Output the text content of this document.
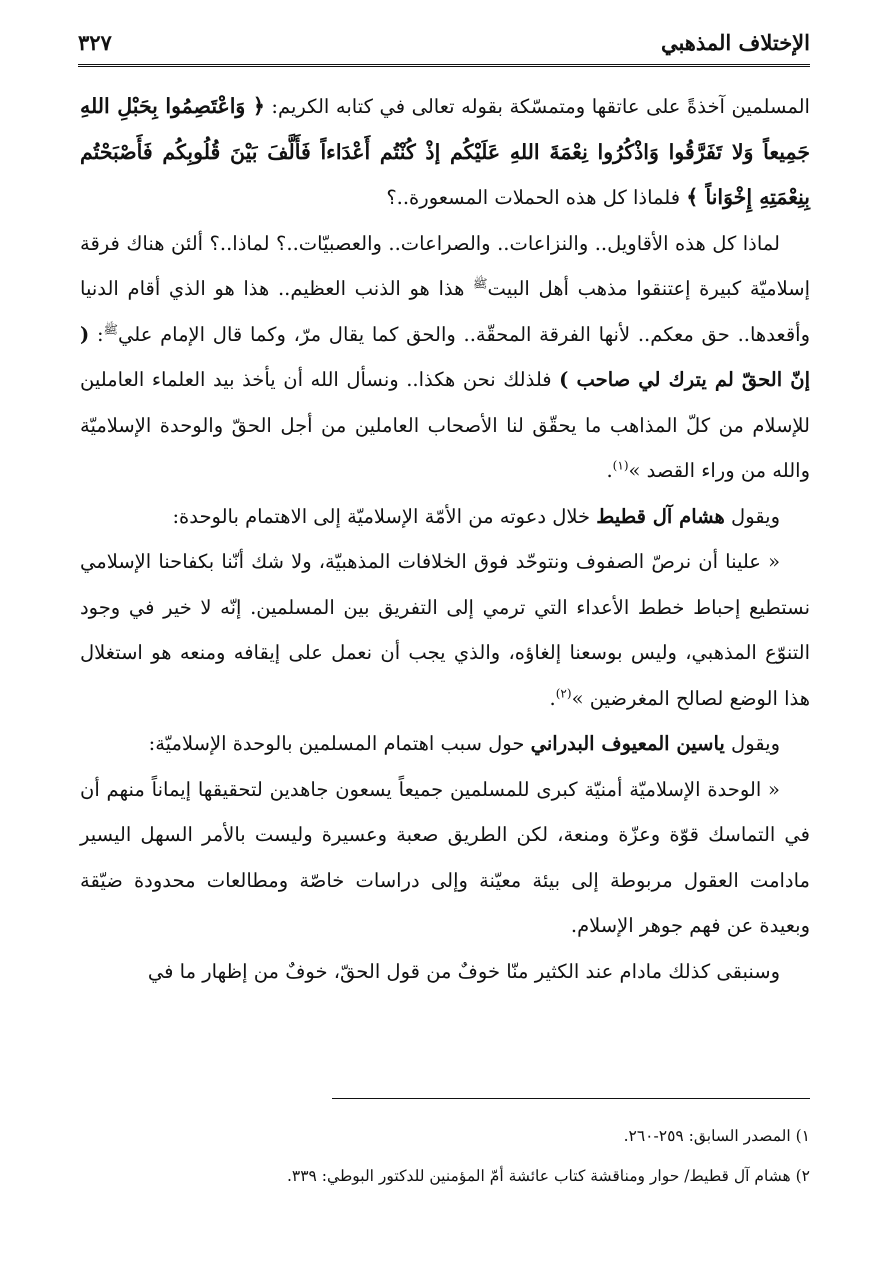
الإختلاف المذهبي
٣٢٧

المسلمين آخذةً على عاتقها ومتمسّكة بقوله تعالى في كتابه الكريم: ﴿ وَاعْتَصِمُوا بِحَبْلِ اللهِ جَمِيعاً وَلا تَفَرَّقُوا وَاذْكُرُوا نِعْمَةَ اللهِ عَلَيْكُم إذْ كُنْتُم أَعْدَاءاً فَأَلَّفَ بَيْنَ قُلُوبِكُم فَأَصْبَحْتُم بِنِعْمَتِهِ إِخْوَاناً ﴾ فلماذا كل هذه الحملات المسعورة..؟

لماذا كل هذه الأقاويل.. والنزاعات.. والصراعات.. والعصبيّات..؟ لماذا..؟ ألئن هناك فرقة إسلاميّة كبيرة إعتنقوا مذهب أهل البيت$^ﷺ$ هذا هو الذنب العظيم.. هذا هو الذي أقام الدنيا وأقعدها.. حق معكم.. لأنها الفرقة المحقّة.. والحق كما يقال مرّ، وكما قال الإمام علي$^ﷺ$: ( إنّ الحقّ لم يترك لي صاحب ) فلذلك نحن هكذا.. ونسأل الله أن يأخذ بيد العلماء العاملين للإسلام من كلّ المذاهب ما يحقّق لنا الأصحاب العاملين من أجل الحقّ والوحدة الإسلاميّة والله من وراء القصد »$^{(١)}$.

ويقول هشام آل قطيط خلال دعوته من الأمّة الإسلاميّة إلى الاهتمام بالوحدة:

« علينا أن نرصّ الصفوف ونتوحّد فوق الخلافات المذهبيّة، ولا شك أنّنا بكفاحنا الإسلامي نستطيع إحباط خطط الأعداء التي ترمي إلى التفريق بين المسلمين. إنّه لا خير في وجود التنوّع المذهبي، وليس بوسعنا إلغاؤه، والذي يجب أن نعمل على إيقافه ومنعه هو استغلال هذا الوضع لصالح المغرضين »$^{(٢)}$.

ويقول ياسين المعيوف البدراني حول سبب اهتمام المسلمين بالوحدة الإسلاميّة:

« الوحدة الإسلاميّة أمنيّة كبرى للمسلمين جميعاً يسعون جاهدين لتحقيقها إيماناً منهم أن في التماسك قوّة وعزّة ومنعة، لكن الطريق صعبة وعسيرة وليست بالأمر السهل اليسير مادامت العقول مربوطة إلى بيئة معيّنة وإلى دراسات خاصّة ومطالعات محدودة ضيّقة وبعيدة عن فهم جوهر الإسلام.

وسنبقى كذلك مادام عند الكثير منّا خوفٌ من قول الحقّ، خوفٌ من إظهار ما في

١) المصدر السابق: ٢٥٩-٢٦٠.

٢) هشام آل قطيط/ حوار ومناقشة كتاب عائشة أمّ المؤمنين للدكتور البوطي: ٣٣٩.
